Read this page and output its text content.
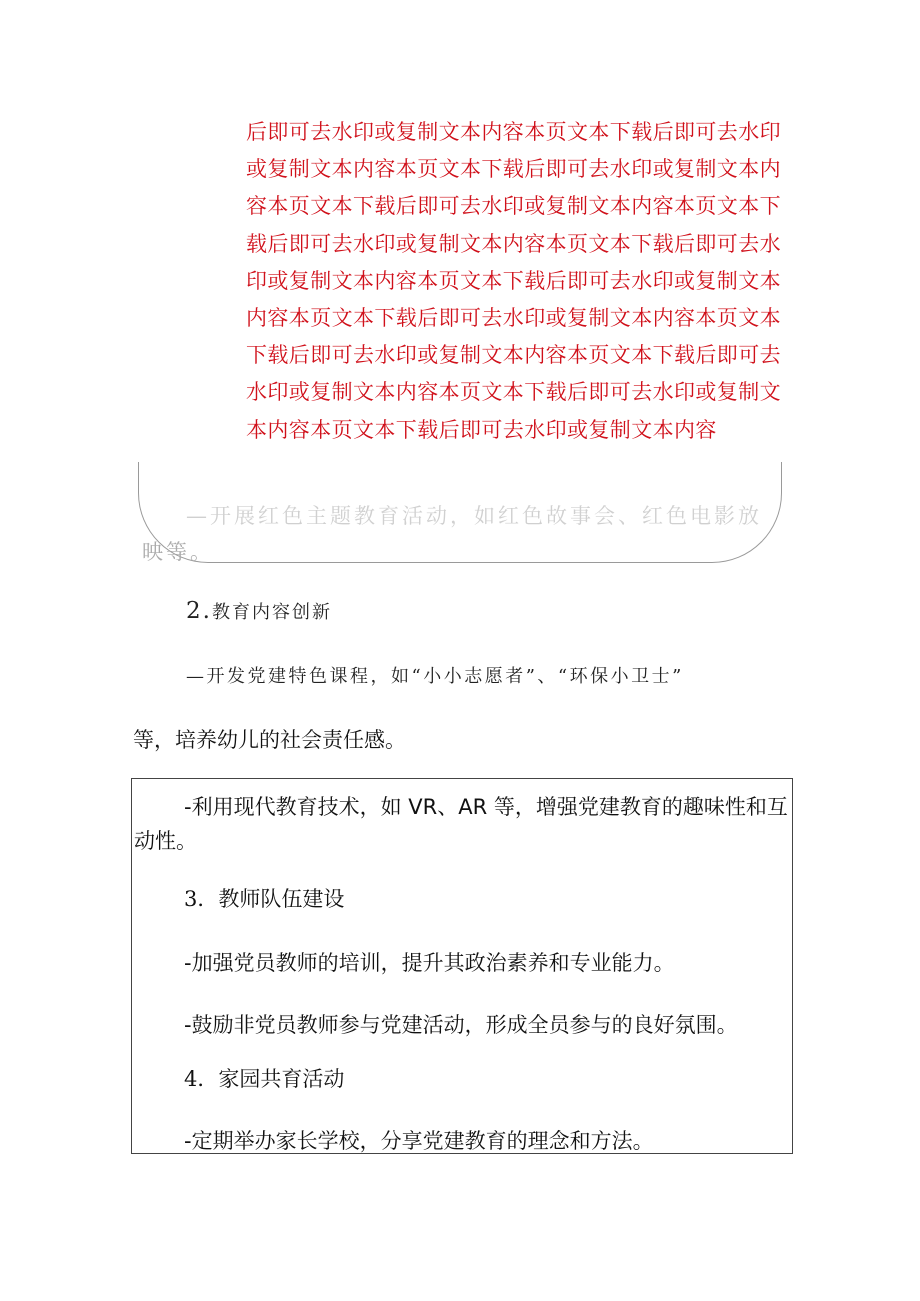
后即可去水印或复制文本内容本页文本下载后即可去水印

或复制文本内容本页文本下载后即可去水印或复制文本内

容本页文本下载后即可去水印或复制文本内容本页文本下

载后即可去水印或复制文本内容本页文本下载后即可去水

印或复制文本内容本页文本下载后即可去水印或复制文本

内容本页文本下载后即可去水印或复制文本内容本页文本

下载后即可去水印或复制文本内容本页文本下载后即可去

水印或复制文本内容本页文本下载后即可去水印或复制文

本内容本页文本下载后即可去水印或复制文本内容

—开展红色主题教育活动，如红色故事会、红色电影放
映等。
2.教育内容创新
—开发党建特色课程，如“小小志愿者”、“环保小卫士”
等，培养幼儿的社会责任感。
-利用现代教育技术，如 VR、AR 等，增强党建教育的趣味性和互
动性。
3．教师队伍建设
-加强党员教师的培训，提升其政治素养和专业能力。
-鼓励非党员教师参与党建活动，形成全员参与的良好氛围。
4．家园共育活动
-定期举办家长学校，分享党建教育的理念和方法。
